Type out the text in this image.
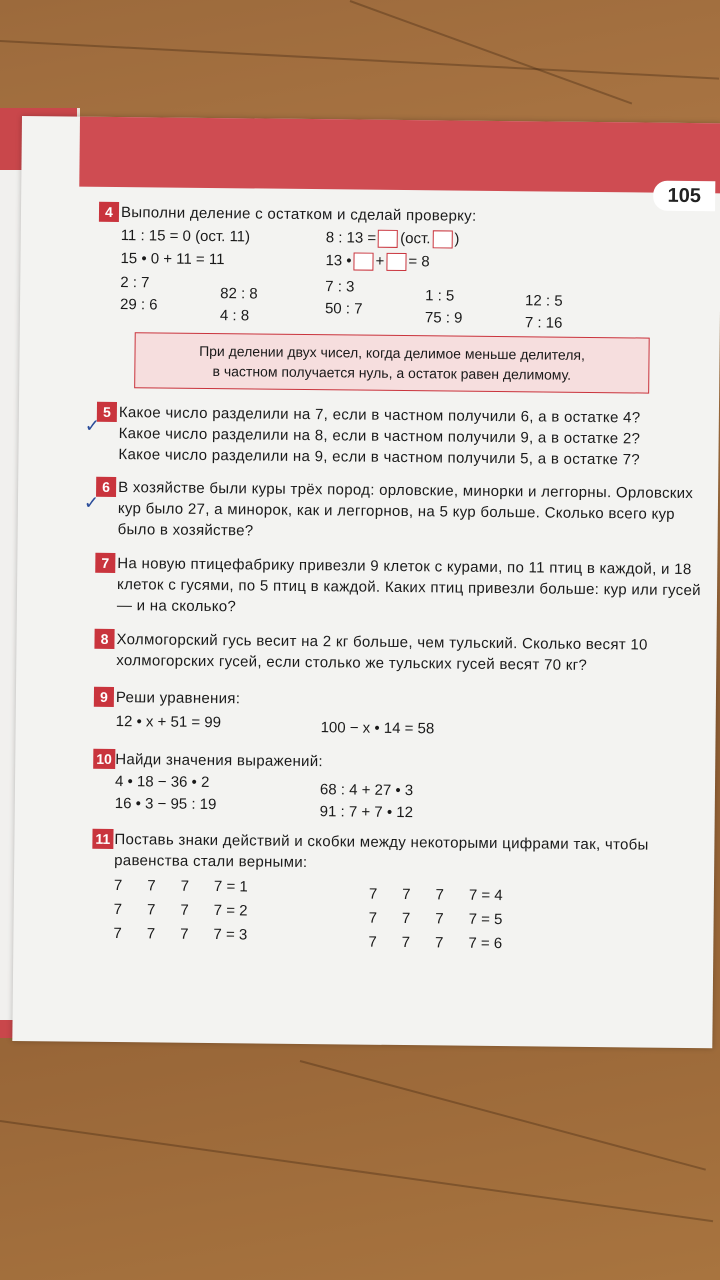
105
4 Выполни деление с остатком и сделай проверку:
11 : 15 = 0 (ост. 11)
15 • 0 + 11 = 11
8 : 13 = (ост. )
13 • + = 8
2 : 7
29 : 6
82 : 8
4 : 8
7 : 3
50 : 7
1 : 5
75 : 9
12 : 5
7 : 16
При делении двух чисел, когда делимое меньше делителя,
в частном получается нуль, а остаток равен делимому.
5
✓ Какое число разделили на 7, если в частном получили 6, а в остатке 4?
Какое число разделили на 8, если в частном получили 9, а в остатке 2?
Какое число разделили на 9, если в частном получили 5, а в остатке 7?
6
✓
В хозяйстве были куры трёх пород: орловские, минорки и леггорны. Орловских кур было 27, а минорок, как и леггорнов, на 5 кур больше. Сколько всего кур было в хозяйстве?
7 На новую птицефабрику привезли 9 клеток с курами, по 11 птиц в каждой, и 18 клеток с гусями, по 5 птиц в каждой. Каких птиц привезли больше: кур или гусей — и на сколько?
8 Холмогорский гусь весит на 2 кг больше, чем тульский. Сколько весят 10 холмогорских гусей, если столько же тульских гусей весят 70 кг?
9 Реши уравнения:
12 • x + 51 = 99	100 − x • 14 = 58
10 Найди значения выражений:
4 • 18 − 36 • 2
16 • 3 − 95 : 19
68 : 4 + 27 • 3
91 : 7 + 7 • 12
11 Поставь знаки действий и скобки между некоторыми цифрами так, чтобы равенства стали верными:
7      7      7      7 = 1
7      7      7      7 = 2
7      7      7      7 = 3
7      7      7      7 = 4
7      7      7      7 = 5
7      7      7      7 = 6
